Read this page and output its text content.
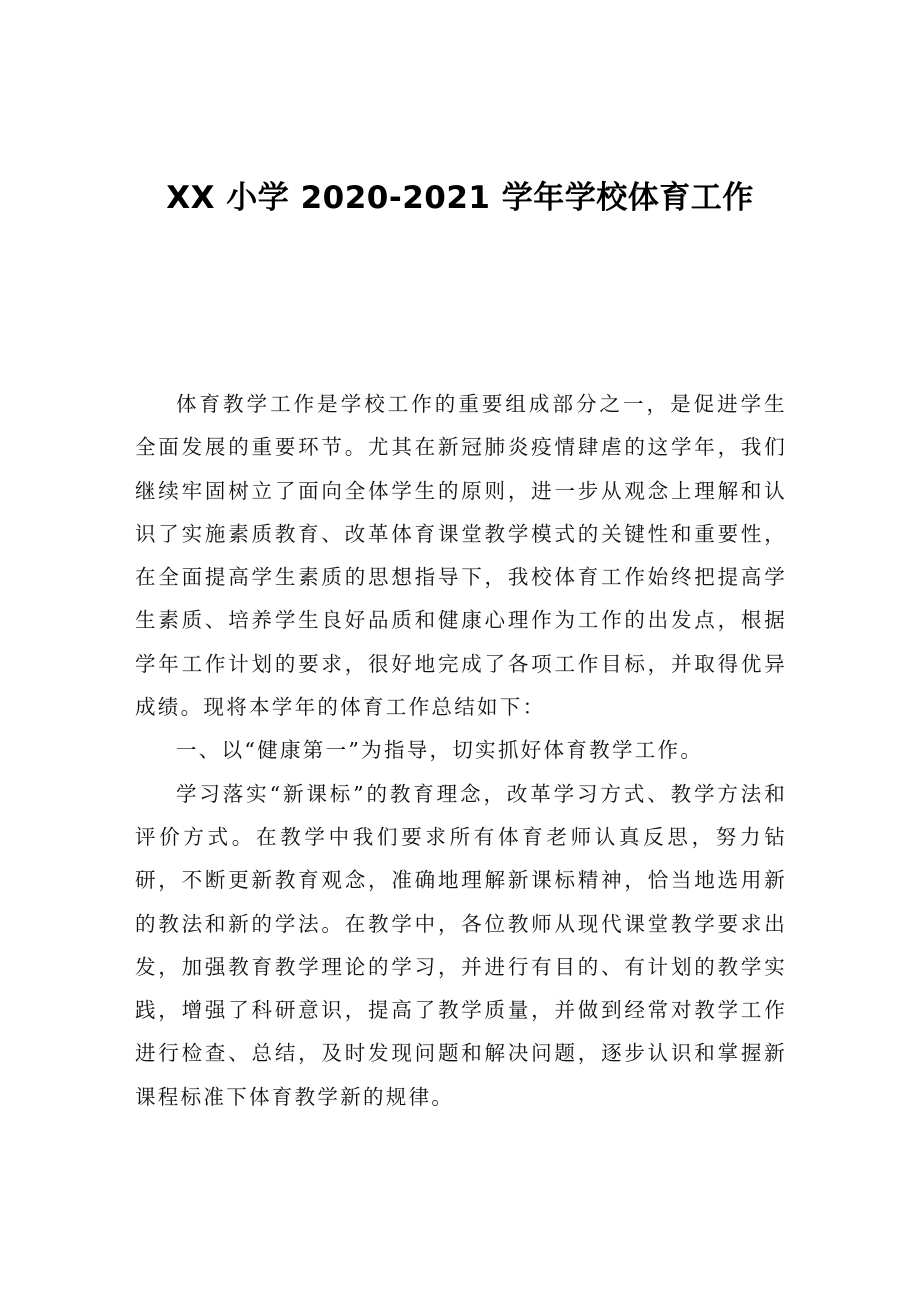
XX 小学 2020-2021 学年学校体育工作

体育教学工作是学校工作的重要组成部分之一，是促进学生全面发展的重要环节。尤其在新冠肺炎疫情肆虐的这学年，我们继续牢固树立了面向全体学生的原则，进一步从观念上理解和认识了实施素质教育、改革体育课堂教学模式的关键性和重要性，在全面提高学生素质的思想指导下，我校体育工作始终把提高学生素质、培养学生良好品质和健康心理作为工作的出发点，根据学年工作计划的要求，很好地完成了各项工作目标，并取得优异成绩。现将本学年的体育工作总结如下：

一、以“健康第一”为指导，切实抓好体育教学工作。

学习落实“新课标”的教育理念，改革学习方式、教学方法和评价方式。在教学中我们要求所有体育老师认真反思，努力钻研，不断更新教育观念，准确地理解新课标精神，恰当地选用新的教法和新的学法。在教学中，各位教师从现代课堂教学要求出发，加强教育教学理论的学习，并进行有目的、有计划的教学实践，增强了科研意识，提高了教学质量，并做到经常对教学工作进行检查、总结，及时发现问题和解决问题，逐步认识和掌握新课程标准下体育教学新的规律。
